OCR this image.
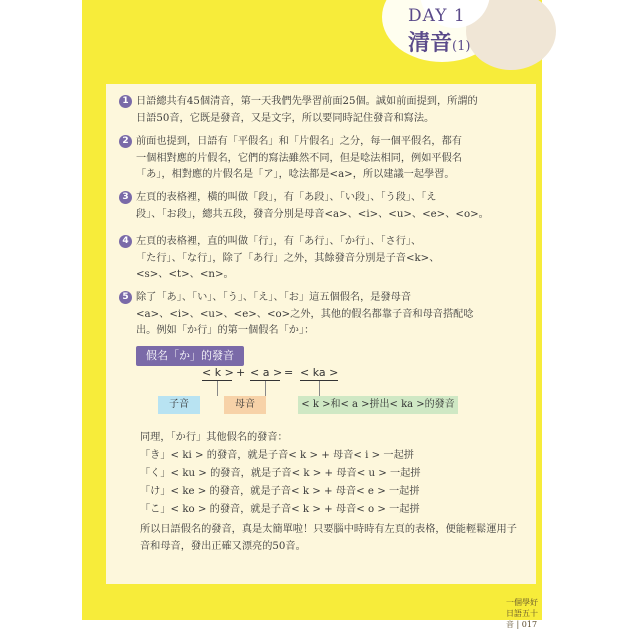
DAY 1
清音(1)
1 日語總共有45個清音，第一天我們先學習前面25個。誠如前面提到，所謂的
日語50音，它既是發音，又是文字，所以要同時記住發音和寫法。
2 前面也提到，日語有「平假名」和「片假名」之分，每一個平假名，都有
一個相對應的片假名，它們的寫法雖然不同，但是唸法相同，例如平假名
「あ」，相對應的片假名是「ア」，唸法都是<a>，所以建議一起學習。
3 左頁的表格裡，橫的叫做「段」，有「あ段」、「い段」、「う段」、「え
段」、「お段」，總共五段，發音分別是母音<a>、<i>、<u>、<e>、<o>。
4 左頁的表格裡，直的叫做「行」，有「あ行」、「か行」、「さ行」、
「た行」、「な行」，除了「あ行」之外，其餘發音分別是子音<k>、
<s>、<t>、<n>。
5 除了「あ」、「い」、「う」、「え」、「お」這五個假名，是發母音
<a>、<i>、<u>、<e>、<o>之外，其他的假名都靠子音和母音搭配唸
出。例如「か行」的第一個假名「か」：
假名「か」的發音
< k > + < a > = < ka >
子音	母音	< k >和< a >拼出< ka >的發音
同理，「か行」其他假名的發音：
「き」< ki > 的發音，就是子音< k > + 母音< i > 一起拼
「く」< ku > 的發音，就是子音< k > + 母音< u > 一起拼
「け」< ke > 的發音，就是子音< k > + 母音< e > 一起拼
「こ」< ko > 的發音，就是子音< k > + 母音< o > 一起拼
所以日語假名的發音，真是太簡單啦！只要腦中時時有左頁的表格，便能輕鬆運用子音和母音，發出正確又漂亮的50音。
一個學好日語五十音 | 017
